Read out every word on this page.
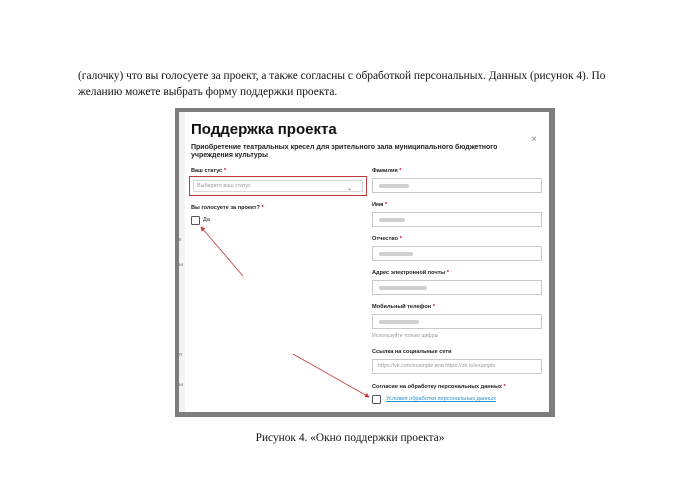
(галочку) что вы голосуете за проект, а также согласны с обработкой персональных. Данных (рисунок 4). По желанию можете выбрать форму поддержки проекта.
к
ы
п
ы
Поддержка проекта
×
Приобретение театральных кресел для зрительного зала муниципального бюджетного учреждения культуры
Ваш статус *
Выберите ваш статус	⌄
Вы голосуете за проект? *
Да
Фамилия *
Имя *
Отчество *
Адрес электронной почты *
Мобильный телефон *
Используйте только цифры
Ссылка на социальные сети
https://vk.com/example или https://ok.ru/example
Согласие на обработку персональных данных *
Условия обработки персональных данных
Рисунок 4. «Окно поддержки проекта»
